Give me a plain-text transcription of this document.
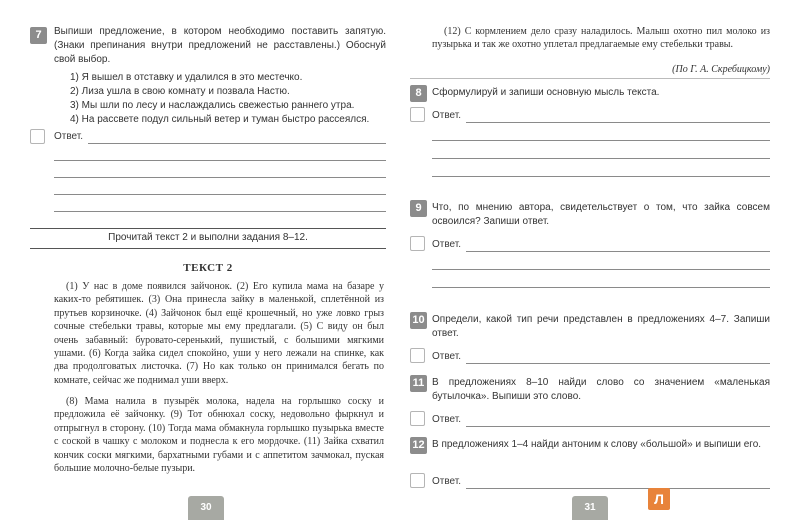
7	Выпиши предложение, в котором необходимо поставить запятую. (Знаки препинания внутри предложений не расставлены.) Обоснуй свой выбор.
1) Я вышел в отставку и удалился в это местечко.
2) Лиза ушла в свою комнату и позвала Настю.
3) Мы шли по лесу и наслаждались свежестью раннего утра.
4) На рассвете подул сильный ветер и туман быстро рассеялся.
Ответ.
Прочитай текст 2 и выполни задания 8–12.
ТЕКСТ 2
(1) У нас в доме появился зайчонок. (2) Его купила мама на базаре у каких-то ребятишек. (3) Она принесла зайку в маленькой, сплетённой из прутьев корзиночке. (4) Зайчонок был ещё крошечный, но уже ловко грыз сочные стебельки травы, которые мы ему предлагали. (5) С виду он был очень забавный: буровато-серенький, пушистый, с большими мягкими ушами. (6) Когда зайка сидел спокойно, уши у него лежали на спинке, как два продолговатых листочка. (7) Но как только он принимался бегать по комнате, сейчас же поднимал уши вверх.
(8) Мама налила в пузырёк молока, надела на горлышко соску и предложила её зайчонку. (9) Тот обнюхал соску, недовольно фыркнул и отпрыгнул в сторону. (10) Тогда мама обмакнула горлышко пузырька вместе с соской в чашку с молоком и поднесла к его мордочке. (11) Зайка схватил кончик соски мягкими, бархатными губами и с аппетитом зачмокал, пуская большие молочно-белые пузыри.
30
(12) С кормлением дело сразу наладилось. Малыш охотно пил молоко из пузырька и так же охотно уплетал предлагаемые ему стебельки травы.
(По Г. А. Скребицкому)
8	Сформулируй и запиши основную мысль текста.
Ответ.
9	Что, по мнению автора, свидетельствует о том, что зайка совсем освоился? Запиши ответ.
Ответ.
10 Определи, какой тип речи представлен в предложениях 4–7. Запиши ответ.
Ответ.
11 В предложениях 8–10 найди слово со значением «маленькая бутылочка». Выпиши это слово.
Ответ.
12 В предложениях 1–4 найди антоним к слову «большой» и выпиши его.
Ответ.
31
Л
